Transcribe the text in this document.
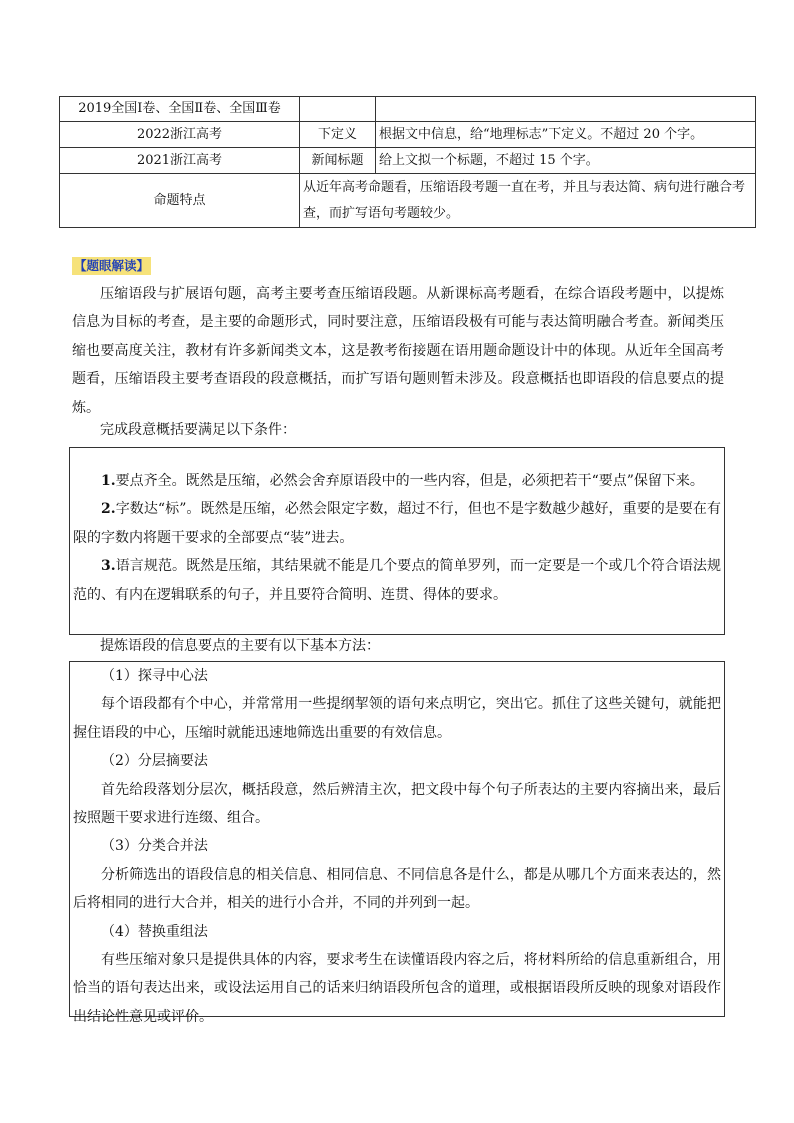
2019全国Ⅰ卷、全国Ⅱ卷、全国Ⅲ卷		
2022浙江高考	下定义	根据文中信息，给“地理标志”下定义。不超过 20 个字。
2021浙江高考	新闻标题	给上文拟一个标题，不超过 15 个字。
命题特点	从近年高考命题看，压缩语段考题一直在考，并且与表达简、病句进行融合考查，而扩写语句考题较少。	
【题眼解读】

压缩语段与扩展语句题，高考主要考查压缩语段题。从新课标高考题看，在综合语段考题中，以提炼信息为目标的考查，是主要的命题形式，同时要注意，压缩语段极有可能与表达简明融合考查。新闻类压缩也要高度关注，教材有许多新闻类文本，这是教考衔接题在语用题命题设计中的体现。从近年全国高考题看，压缩语段主要考查语段的段意概括，而扩写语句题则暂未涉及。段意概括也即语段的信息要点的提炼。

完成段意概括要满足以下条件：

1.要点齐全。既然是压缩，必然会舍弃原语段中的一些内容，但是，必须把若干“要点”保留下来。

2.字数达“标”。既然是压缩，必然会限定字数，超过不行，但也不是字数越少越好，重要的是要在有限的字数内将题干要求的全部要点“装”进去。

3.语言规范。既然是压缩，其结果就不能是几个要点的简单罗列，而一定要是一个或几个符合语法规范的、有内在逻辑联系的句子，并且要符合简明、连贯、得体的要求。

提炼语段的信息要点的主要有以下基本方法：

（1）探寻中心法

每个语段都有个中心，并常常用一些提纲挈领的语句来点明它，突出它。抓住了这些关键句，就能把握住语段的中心，压缩时就能迅速地筛选出重要的有效信息。

（2）分层摘要法

首先给段落划分层次，概括段意，然后辨清主次，把文段中每个句子所表达的主要内容摘出来，最后按照题干要求进行连缀、组合。

（3）分类合并法

分析筛选出的语段信息的相关信息、相同信息、不同信息各是什么，都是从哪几个方面来表达的，然后将相同的进行大合并，相关的进行小合并，不同的并列到一起。

（4）替换重组法

有些压缩对象只是提供具体的内容，要求考生在读懂语段内容之后，将材料所给的信息重新组合，用恰当的语句表达出来，或设法运用自己的话来归纳语段所包含的道理，或根据语段所反映的现象对语段作出结论性意见或评价。
